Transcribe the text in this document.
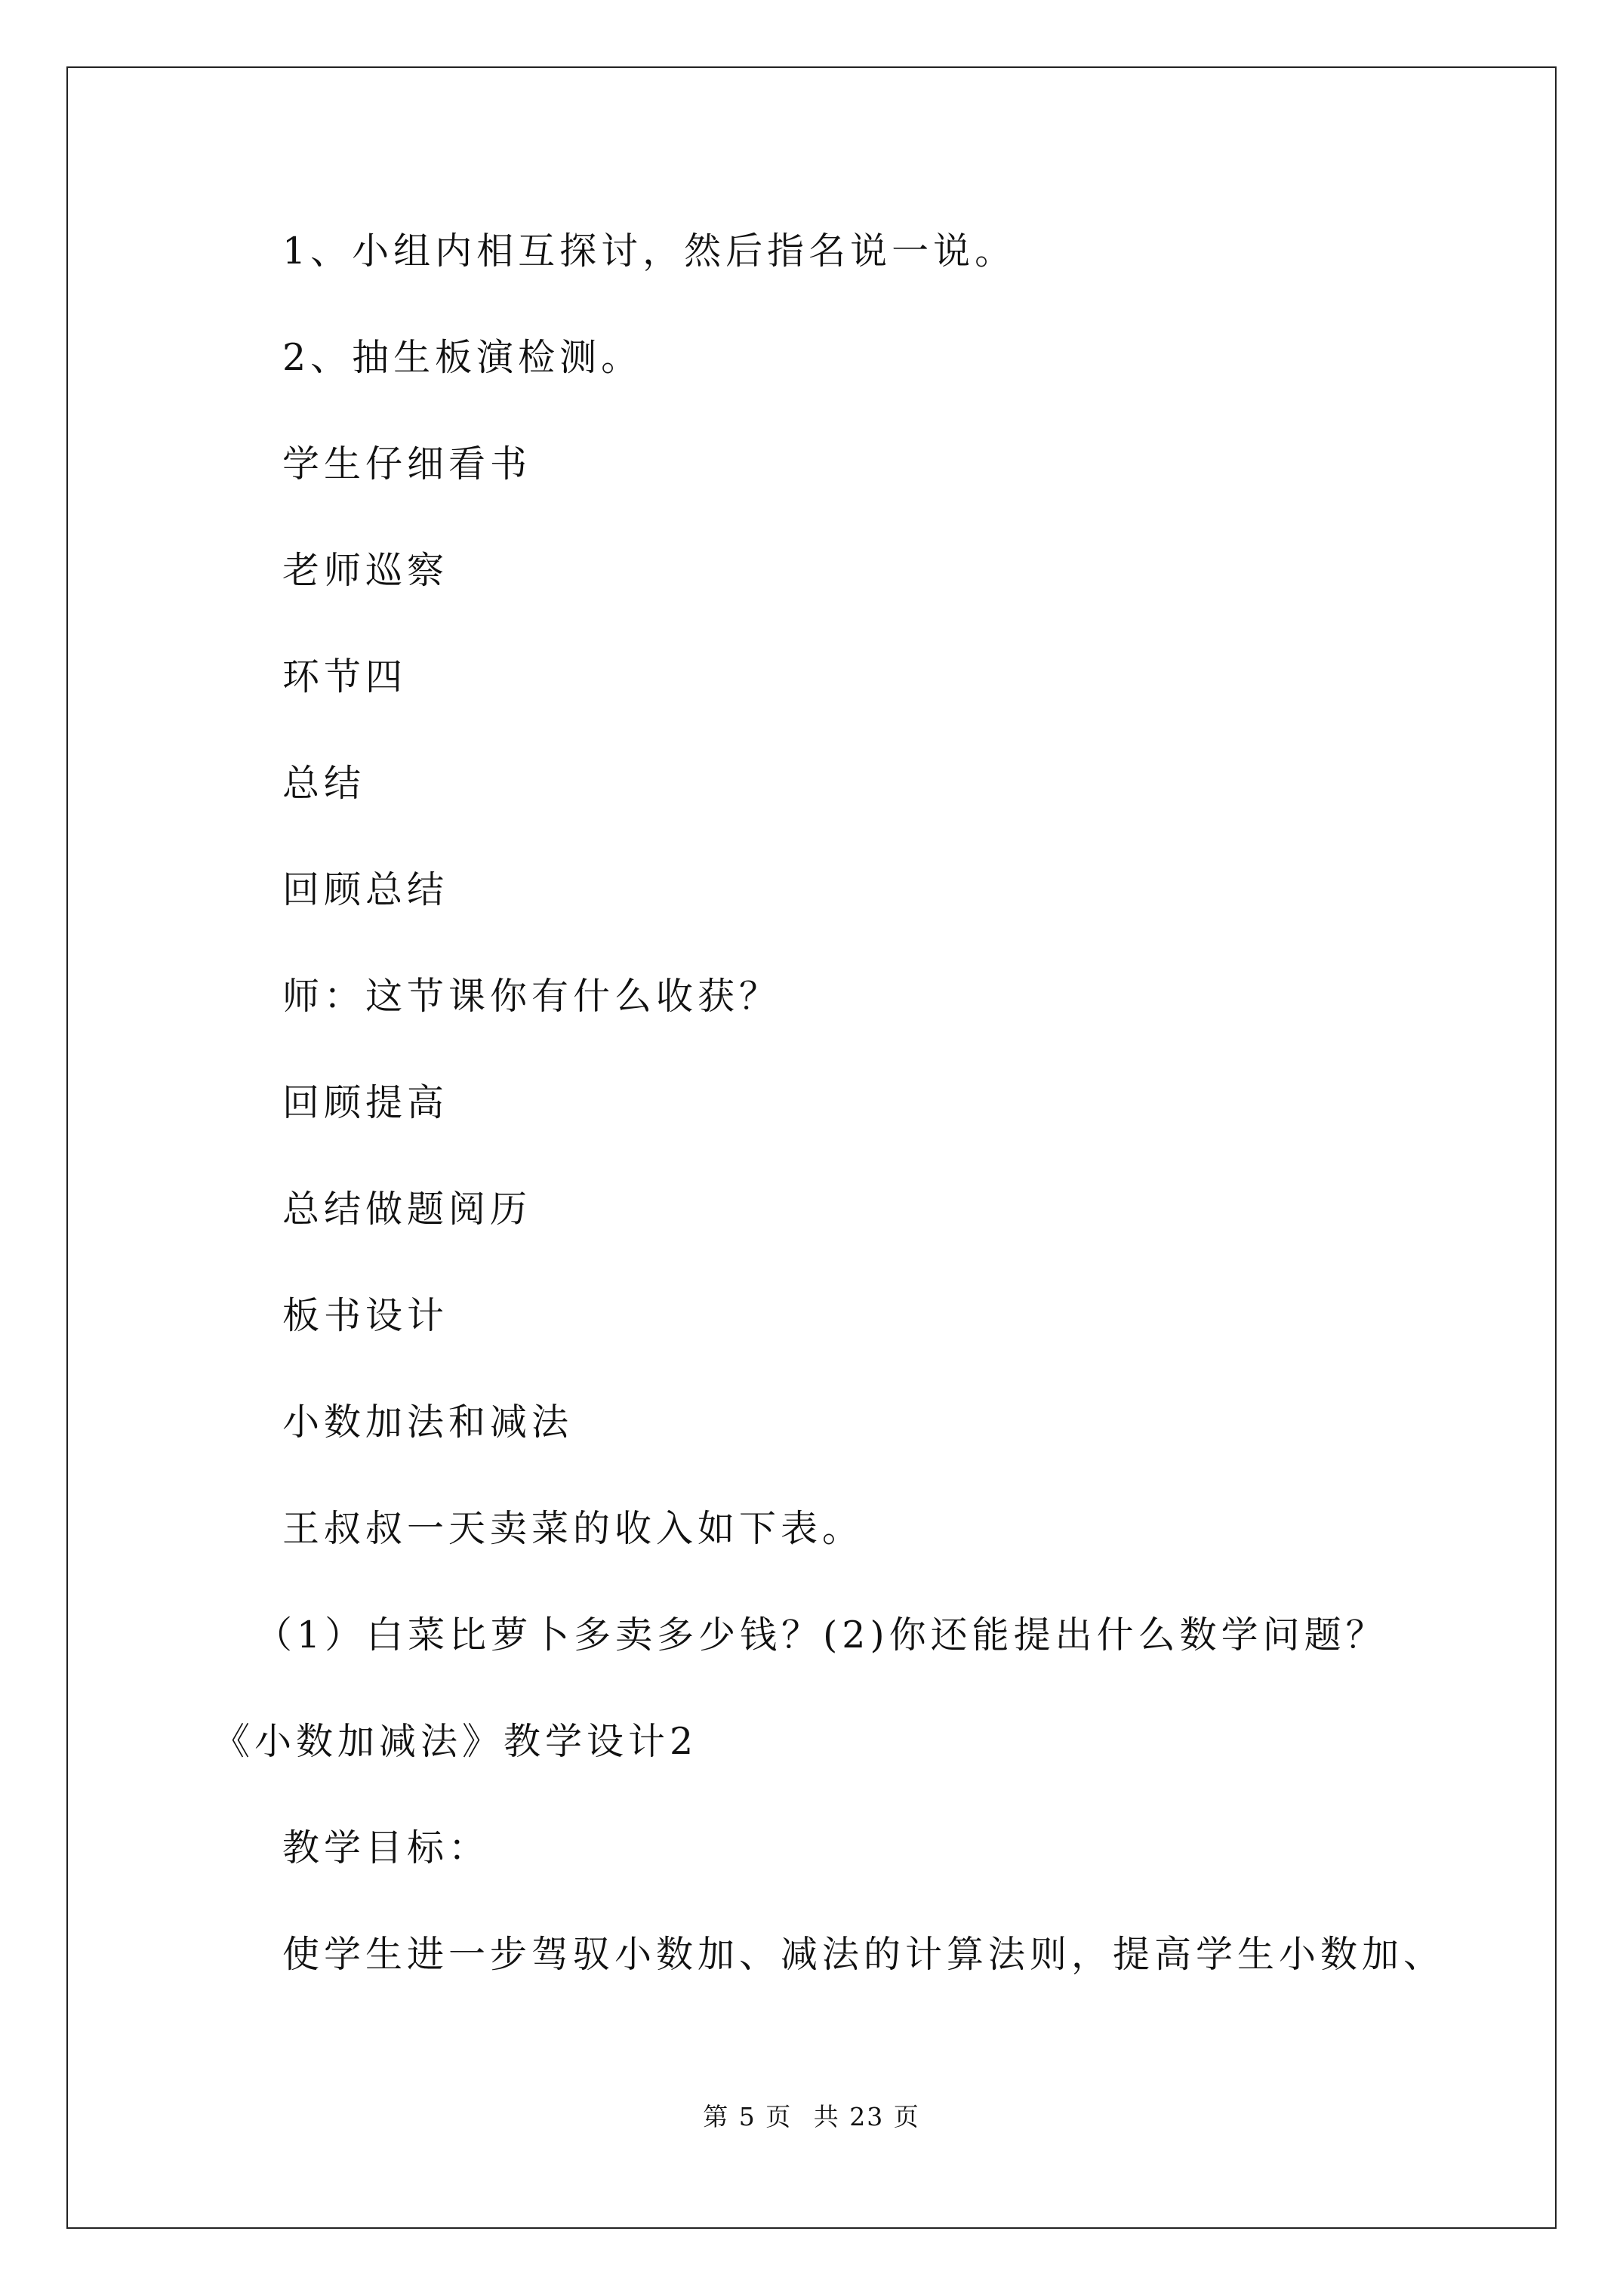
1、小组内相互探讨，然后指名说一说。
2、抽生板演检测。
学生仔细看书
老师巡察
环节四
总结
回顾总结
师：这节课你有什么收获？
回顾提高
总结做题阅历
板书设计
小数加法和减法
王叔叔一天卖菜的收入如下表。
（1）白菜比萝卜多卖多少钱？(2)你还能提出什么数学问题？
《小数加减法》教学设计2
教学目标：
使学生进一步驾驭小数加、减法的计算法则，提高学生小数加、
第 5 页 共 23 页
